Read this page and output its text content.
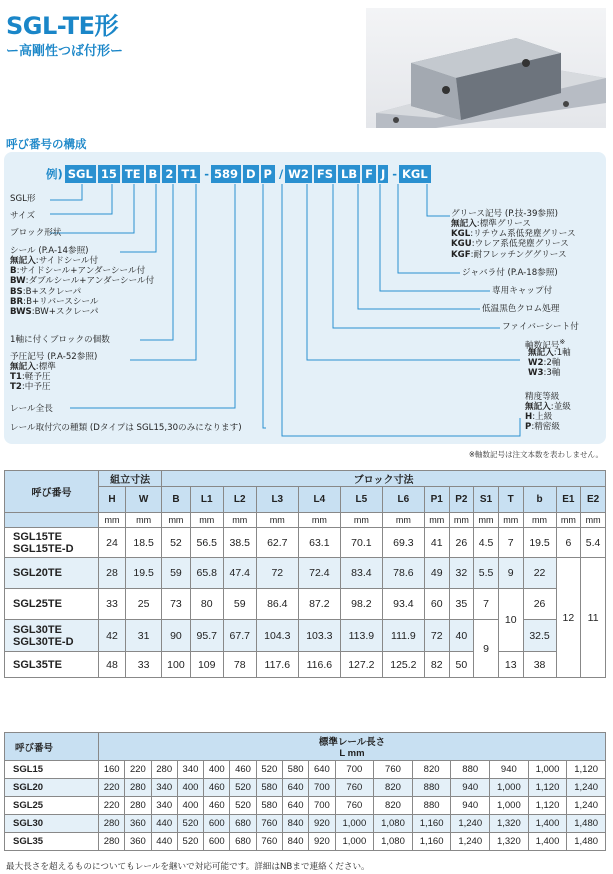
SGL-TE形
ー高剛性つば付形ー
呼び番号の構成
例) SGL 15 TE B 2 T1 - 589 D P / W2 FS LB F J - KGL
SGL形
サイズ
ブロック形状
シール (P.A-14参照)
無記入:サイドシール付
B:サイドシール+アンダーシール付
BW:ダブルシール+アンダーシール付
BS:B+スクレーパ
BR:B+リバースシール
BWS:BW+スクレーパ
1軸に付くブロックの個数
予圧記号 (P.A-52参照)
無記入:標準
T1:軽予圧
T2:中予圧
レール全長
レール取付穴の種類 (Dタイプは SGL15,30のみになります)
グリース記号 (P.技-39参照)
無記入:標準グリース
KGL:リチウム系低発塵グリース
KGU:ウレア系低発塵グリース
KGF:耐フレッチンググリース
ジャバラ付 (P.A-18参照)
専用キャップ付
低温黒色クロム処理
ファイバーシート付
軸数記号※
無記入:1軸
W2:2軸
W3:3軸
精度等級
無記入:並級
H:上級
P:精密級
※軸数記号は注文本数を表わしません。
呼び番号	組立寸法		ブロック寸法													
	H	W	B	L1	L2	L3	L4	L5	L6	P1	P2	S1	T	b	E1	E2
	mm	mm	mm	mm	mm	mm	mm	mm	mm	mm	mm	mm	mm	mm	mm	mm

SGL15TE
SGL15TE-D	24	18.5	52	56.5	38.5	62.7	63.1	70.1	69.3	41	26	4.5	7	19.5	6	5.4
SGL20TE	28	19.5	59	65.8	47.4	72	72.4	83.4	78.6	49	32	5.5	9	22	12	11
SGL25TE	33	25	73	80	59	86.4	87.2	98.2	93.4	60	35	7	10	26		

SGL30TE
SGL30TE-D	42	31	90	95.7	67.7	104.3	103.3	113.9	111.9	72	40	9		32.5		
SGL35TE	48	33	100	109	78	117.6	116.6	127.2	125.2	82	50		13	38		
呼び番号	標準レール長さ
L mm															

SGL15	160	220	280	340	400	460	520	580	640	700	760	820	880	940	1,000	1,120
SGL20	220	280	340	400	460	520	580	640	700	760	820	880	940	1,000	1,120	1,240
SGL25	220	280	340	400	460	520	580	640	700	760	820	880	940	1,000	1,120	1,240
SGL30	280	360	440	520	600	680	760	840	920	1,000	1,080	1,160	1,240	1,320	1,400	1,480
SGL35	280	360	440	520	600	680	760	840	920	1,000	1,080	1,160	1,240	1,320	1,400	1,480
最大長さを超えるものについてもレールを継いで対応可能です。詳細はNBまで連絡ください。
